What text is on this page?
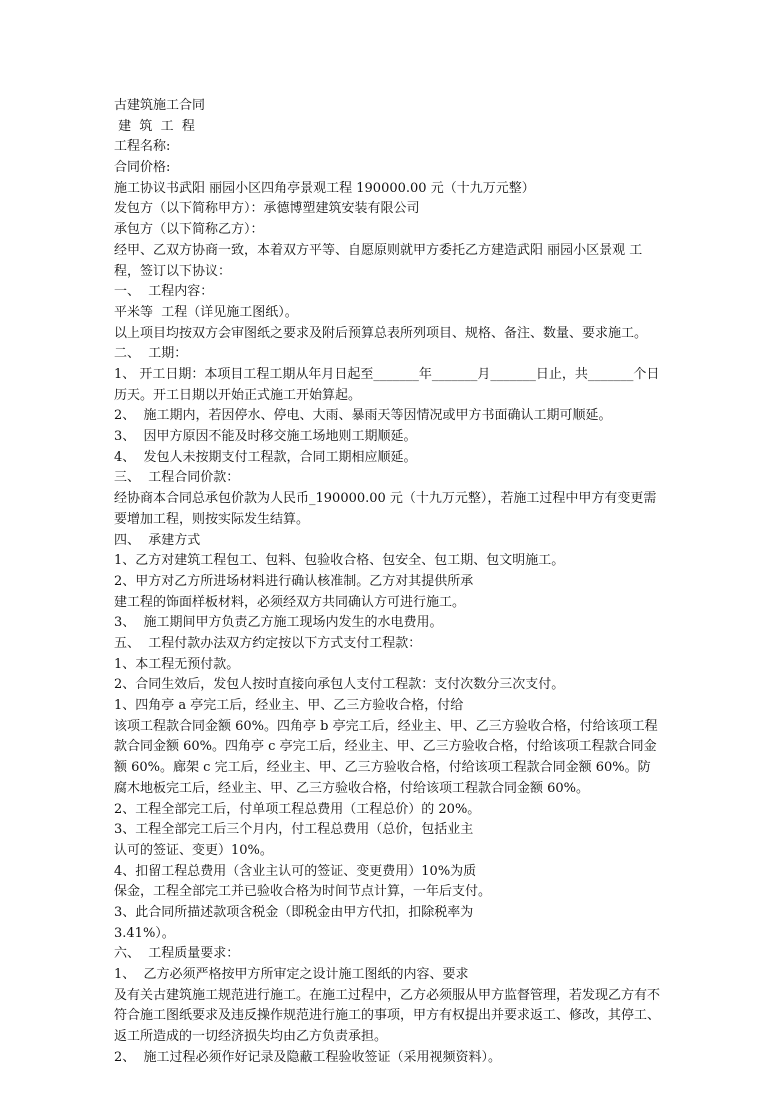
古建筑施工合同
建  筑  工  程
工程名称:
合同价格:
施工协议书武阳 丽园小区四角亭景观工程 190000.00 元（十九万元整）
发包方（以下简称甲方）：承德博塑建筑安装有限公司
承包方（以下简称乙方）：
经甲、乙双方协商一致，本着双方平等、自愿原则就甲方委托乙方建造武阳 丽园小区景观 工程，签订以下协议：
一、  工程内容：
平米等  工程（详见施工图纸）。
以上项目均按双方会审图纸之要求及附后预算总表所列项目、规格、备注、数量、要求施工。
二、  工期：
1、 开工日期：本项目工程工期从年月日起至_______年_______月_______日止，共_______个日历天。开工日期以开始正式施工开始算起。
2、  施工期内，若因停水、停电、大雨、暴雨天等因情况或甲方书面确认工期可顺延。
3、  因甲方原因不能及时移交施工场地则工期顺延。
4、  发包人未按期支付工程款，合同工期相应顺延。
三、  工程合同价款：
经协商本合同总承包价款为人民币_190000.00 元（十九万元整），若施工过程中甲方有变更需要增加工程，则按实际发生结算。
四、  承建方式
1、乙方对建筑工程包工、包料、包验收合格、包安全、包工期、包文明施工。
2、甲方对乙方所进场材料进行确认核准制。乙方对其提供所承
建工程的饰面样板材料，必须经双方共同确认方可进行施工。
3、  施工期间甲方负责乙方施工现场内发生的水电费用。
五、  工程付款办法双方约定按以下方式支付工程款：
1、本工程无预付款。
2、合同生效后，发包人按时直接向承包人支付工程款：支付次数分三次支付。
1、四角亭 a 亭完工后，经业主、甲、乙三方验收合格，付给
该项工程款合同金额 60%。四角亭 b 亭完工后，经业主、甲、乙三方验收合格，付给该项工程款合同金额 60%。四角亭 c 亭完工后，经业主、甲、乙三方验收合格，付给该项工程款合同金额 60%。廊架 c 完工后，经业主、甲、乙三方验收合格，付给该项工程款合同金额 60%。防腐木地板完工后，经业主、甲、乙三方验收合格，付给该项工程款合同金额 60%。
2、工程全部完工后，付单项工程总费用（工程总价）的 20%。
3、工程全部完工后三个月内，付工程总费用（总价，包括业主
认可的签证、变更）10%。
4、扣留工程总费用（含业主认可的签证、变更费用）10%为质
保金，工程全部完工并已验收合格为时间节点计算，一年后支付。
3、此合同所描述款项含税金（即税金由甲方代扣，扣除税率为
3.41%）。
六、  工程质量要求：
1、  乙方必须严格按甲方所审定之设计施工图纸的内容、要求
及有关古建筑施工规范进行施工。在施工过程中，乙方必须服从甲方监督管理，若发现乙方有不符合施工图纸要求及违反操作规范进行施工的事项，甲方有权提出并要求返工、修改，其停工、返工所造成的一切经济损失均由乙方负责承担。
2、  施工过程必须作好记录及隐蔽工程验收签证（采用视频资料）。
